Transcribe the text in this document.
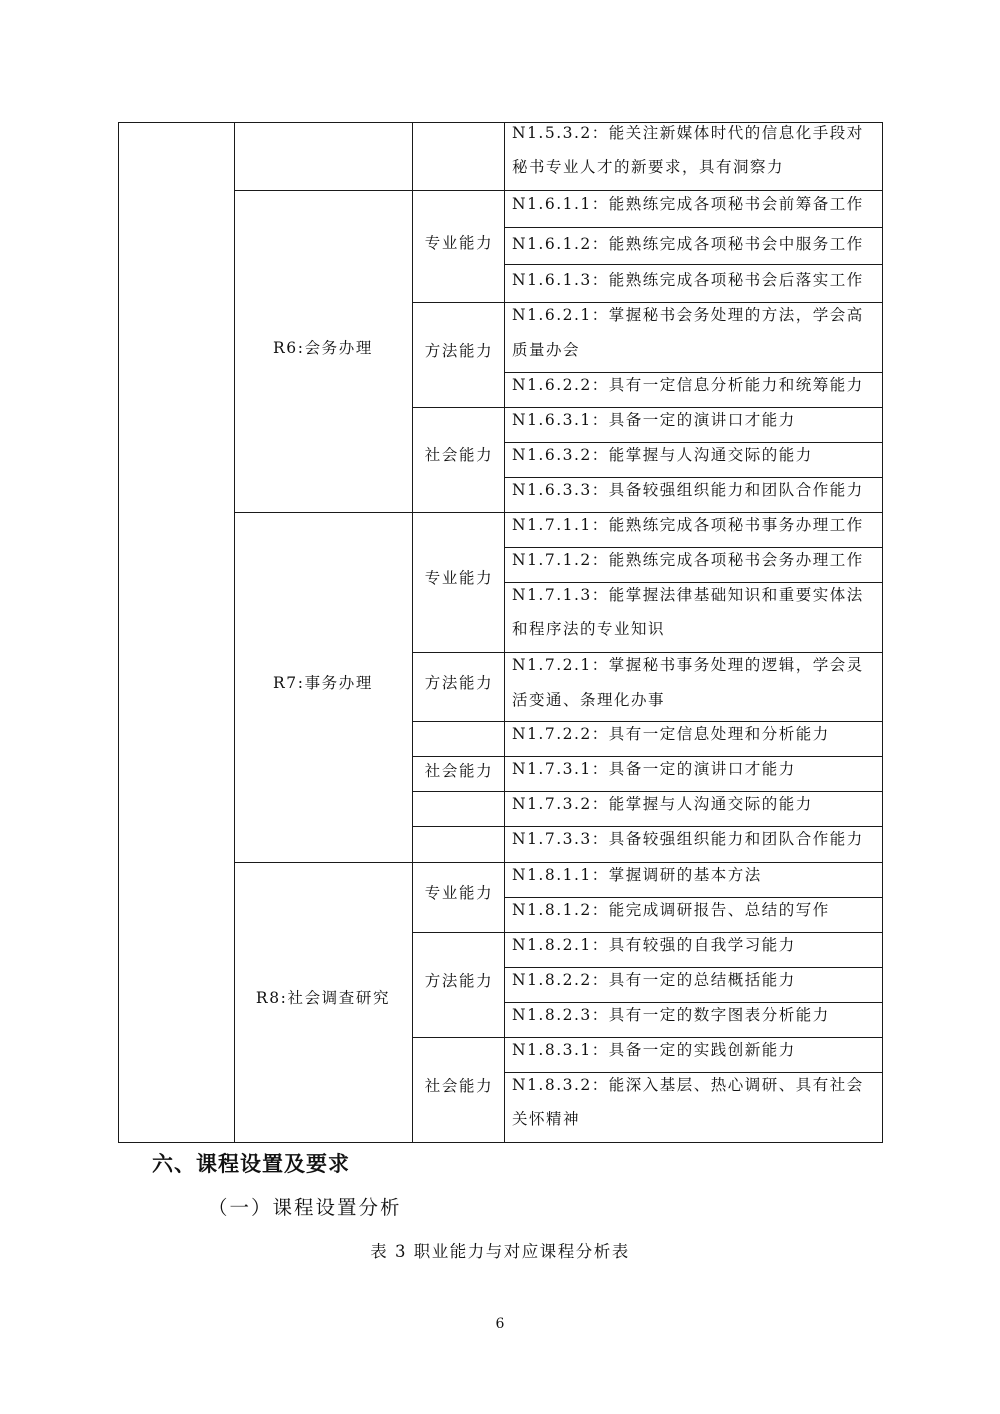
R6:会务办理
R7:事务办理
R8:社会调查研究
专业能力
方法能力
社会能力
专业能力
方法能力
社会能力
专业能力
方法能力
社会能力
N1.5.3.2：能关注新媒体时代的信息化手段对
秘书专业人才的新要求，具有洞察力
N1.6.1.1：能熟练完成各项秘书会前筹备工作
N1.6.1.2：能熟练完成各项秘书会中服务工作
N1.6.1.3：能熟练完成各项秘书会后落实工作
N1.6.2.1：掌握秘书会务处理的方法，学会高
质量办会
N1.6.2.2：具有一定信息分析能力和统筹能力
N1.6.3.1：具备一定的演讲口才能力
N1.6.3.2：能掌握与人沟通交际的能力
N1.6.3.3：具备较强组织能力和团队合作能力
N1.7.1.1：能熟练完成各项秘书事务办理工作
N1.7.1.2：能熟练完成各项秘书会务办理工作
N1.7.1.3：能掌握法律基础知识和重要实体法
和程序法的专业知识
N1.7.2.1：掌握秘书事务处理的逻辑，学会灵
活变通、条理化办事
N1.7.2.2：具有一定信息处理和分析能力
N1.7.3.1：具备一定的演讲口才能力
N1.7.3.2：能掌握与人沟通交际的能力
N1.7.3.3：具备较强组织能力和团队合作能力
N1.8.1.1：掌握调研的基本方法
N1.8.1.2：能完成调研报告、总结的写作
N1.8.2.1：具有较强的自我学习能力
N1.8.2.2：具有一定的总结概括能力
N1.8.2.3：具有一定的数字图表分析能力
N1.8.3.1：具备一定的实践创新能力
N1.8.3.2：能深入基层、热心调研、具有社会
关怀精神
六、课程设置及要求
（一）课程设置分析
表 3 职业能力与对应课程分析表
6
